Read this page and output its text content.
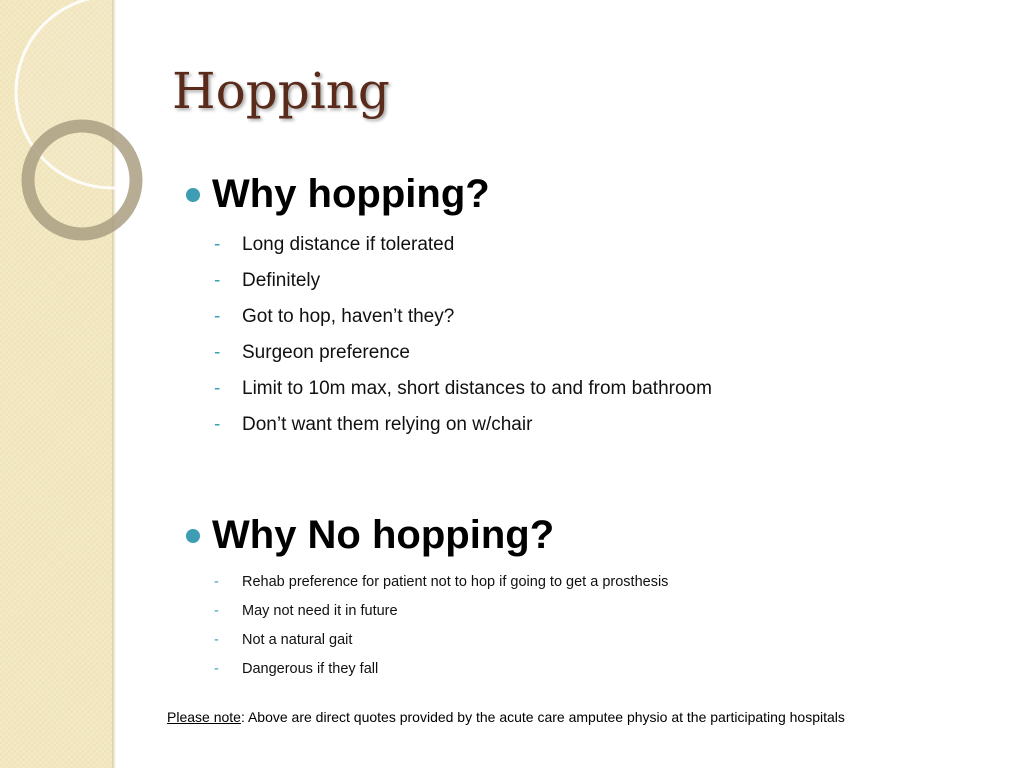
Hopping
Why hopping?
-	Long distance if tolerated
-	Definitely
-	Got to hop, haven’t they?
-	Surgeon preference
-	Limit to 10m max, short distances to and from bathroom
-	Don’t want them relying on w/chair
Why No hopping?
-	Rehab preference for patient not to hop if going to get a prosthesis
-	May not need it in future
-	Not a natural gait
-	Dangerous if they fall
Please note: Above are direct quotes provided by the acute care amputee physio at the participating hospitals
